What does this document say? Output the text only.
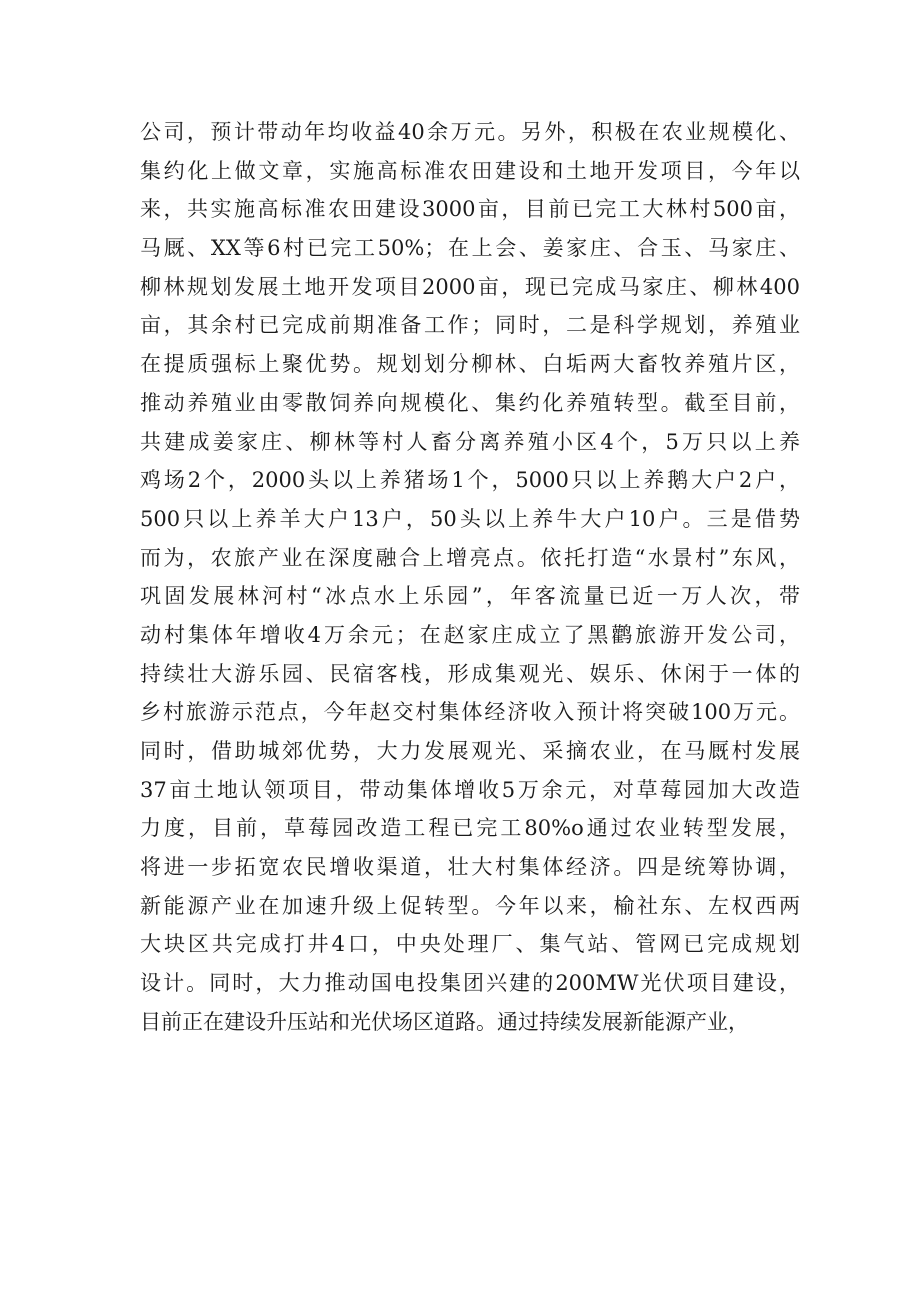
公司，预计带动年均收益40余万元。另外，积极在农业规模化、
集约化上做文章，实施高标准农田建设和土地开发项目，今年以
来，共实施高标准农田建设3000亩，目前已完工大林村500亩，
马厩、XX等6村已完工50%；在上会、姜家庄、合玉、马家庄、
柳林规划发展土地开发项目2000亩，现已完成马家庄、柳林400
亩，其余村已完成前期准备工作；同时，二是科学规划，养殖业
在提质强标上聚优势。规划划分柳林、白垢两大畜牧养殖片区，
推动养殖业由零散饲养向规模化、集约化养殖转型。截至目前，
共建成姜家庄、柳林等村人畜分离养殖小区4个，5万只以上养
鸡场2个，2000头以上养猪场1个，5000只以上养鹅大户2户，
500只以上养羊大户13户，50头以上养牛大户10户。三是借势
而为，农旅产业在深度融合上增亮点。依托打造“水景村”东风，
巩固发展林河村“冰点水上乐园”，年客流量已近一万人次，带
动村集体年增收4万余元；在赵家庄成立了黑鹳旅游开发公司，
持续壮大游乐园、民宿客栈，形成集观光、娱乐、休闲于一体的
乡村旅游示范点，今年赵交村集体经济收入预计将突破100万元。
同时，借助城郊优势，大力发展观光、采摘农业，在马厩村发展
37亩土地认领项目，带动集体增收5万余元，对草莓园加大改造
力度，目前，草莓园改造工程已完工80%o通过农业转型发展，
将进一步拓宽农民增收渠道，壮大村集体经济。四是统筹协调，
新能源产业在加速升级上促转型。今年以来，榆社东、左权西两
大块区共完成打井4口，中央处理厂、集气站、管网已完成规划
设计。同时，大力推动国电投集团兴建的200MW光伏项目建设，
目前正在建设升压站和光伏场区道路。通过持续发展新能源产业，
